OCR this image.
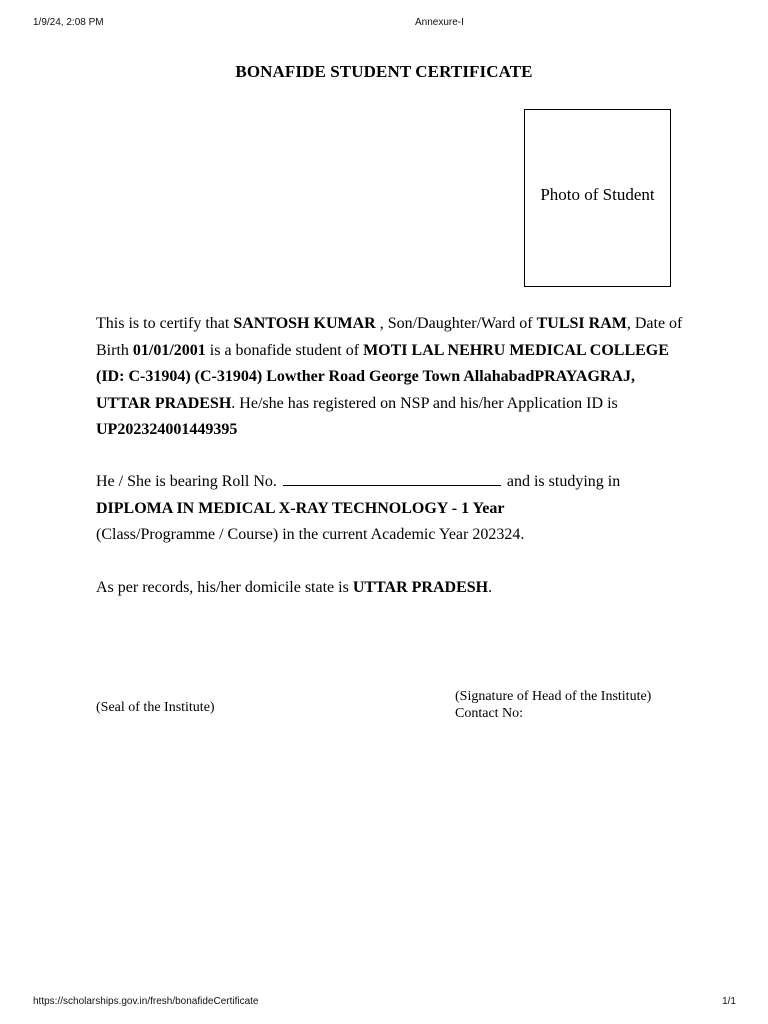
1/9/24, 2:08 PM	Annexure-I
BONAFIDE STUDENT CERTIFICATE
Photo of Student
This is to certify that SANTOSH KUMAR , Son/Daughter/Ward of TULSI RAM, Date of Birth 01/01/2001 is a bonafide student of MOTI LAL NEHRU MEDICAL COLLEGE (ID: C-31904) (C-31904) Lowther Road George Town AllahabadPRAYAGRAJ, UTTAR PRADESH. He/she has registered on NSP and his/her Application ID is UP202324001449395
He / She is bearing Roll No.	and is studying in
DIPLOMA IN MEDICAL X-RAY TECHNOLOGY - 1 Year
(Class/Programme / Course) in the current Academic Year 202324.
As per records, his/her domicile state is UTTAR PRADESH.
(Seal of the Institute)
(Signature of Head of the Institute)
Contact No:
https://scholarships.gov.in/fresh/bonafideCertificate	1/1
